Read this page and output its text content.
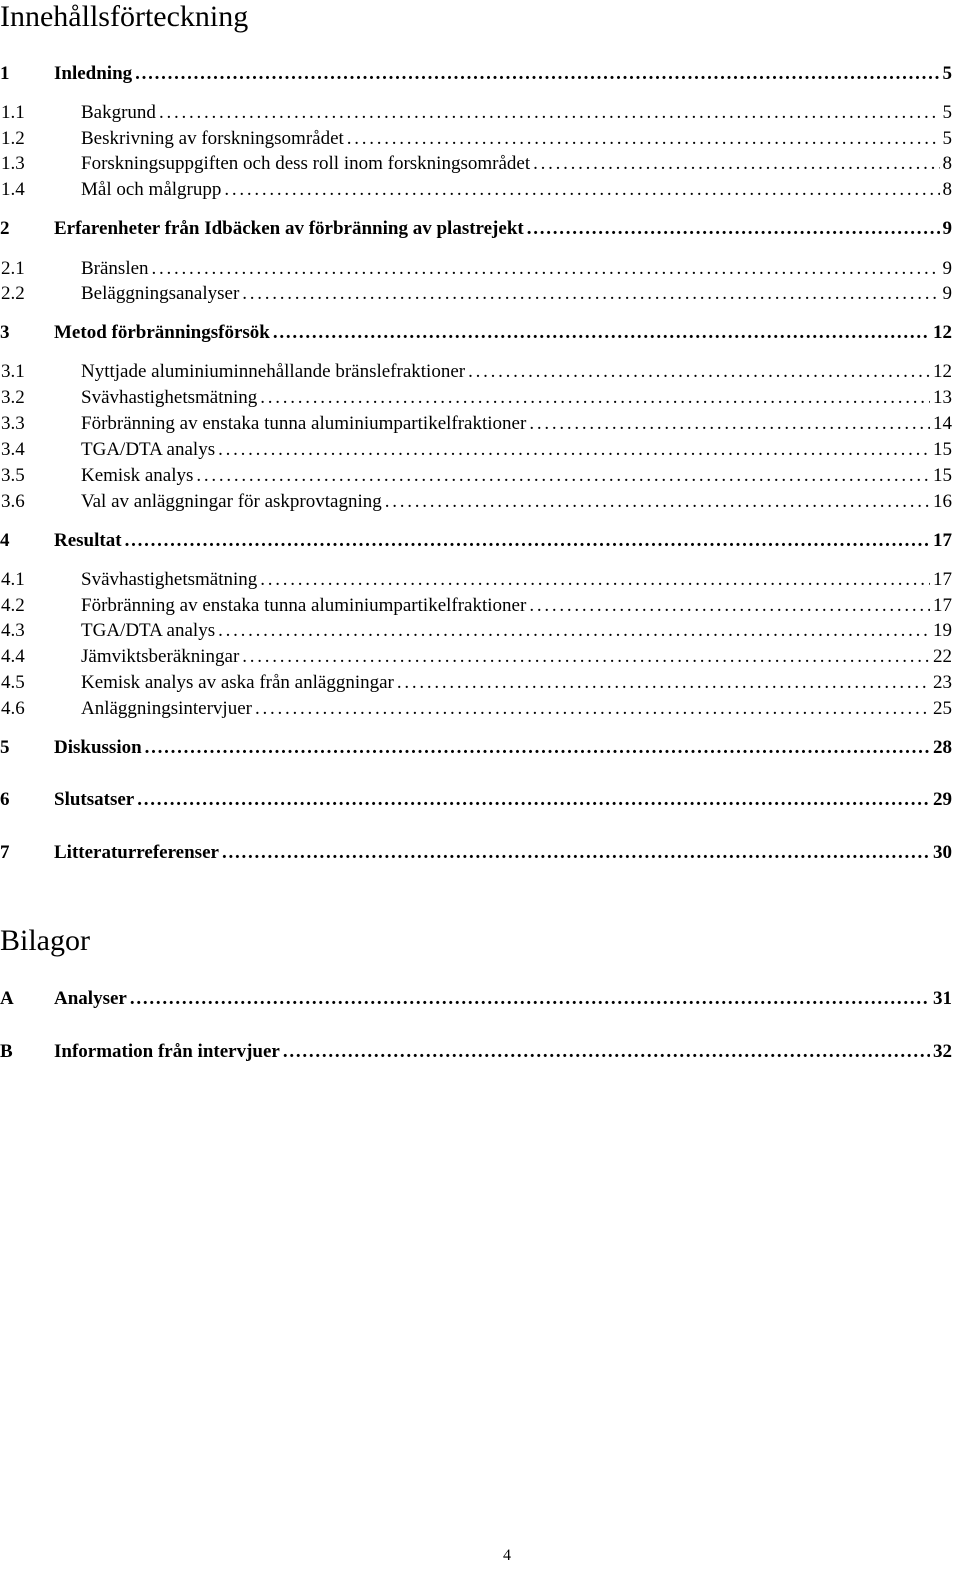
Innehållsförteckning
1 Inledning . . .	5
1.1	Bakgrund . . .	5
1.2	Beskrivning av forskningsområdet . . .	5
1.3	Forskningsuppgiften och dess roll inom forskningsområdet . . .	8
1.4	Mål och målgrupp . . .	8
2 Erfarenheter från Idbäcken av förbränning av plastrejekt . . .	9
2.1	Bränslen . . .	9
2.2	Beläggningsanalyser . . .	9
3 Metod förbränningsförsök . . .	12
3.1	Nyttjade aluminiuminnehållande bränslefraktioner . . .	12
3.2	Svävhastighetsmätning . . .	13
3.3	Förbränning av enstaka tunna aluminiumpartikelfraktioner . . .	14
3.4	TGA/DTA analys . . .	15
3.5	Kemisk analys . . .	15
3.6	Val av anläggningar för askprovtagning . . .	16
4 Resultat . . .	17
4.1	Svävhastighetsmätning . . .	17
4.2	Förbränning av enstaka tunna aluminiumpartikelfraktioner . . .	17
4.3	TGA/DTA analys . . .	19
4.4	Jämviktsberäkningar . . .	22
4.5	Kemisk analys av aska från anläggningar . . .	23
4.6	Anläggningsintervjuer . . .	25
5 Diskussion . . .	28
6 Slutsatser . . .	29
7 Litteraturreferenser . . .	30
Bilagor
A Analyser . . .	31
B Information från intervjuer . . .	32
4
